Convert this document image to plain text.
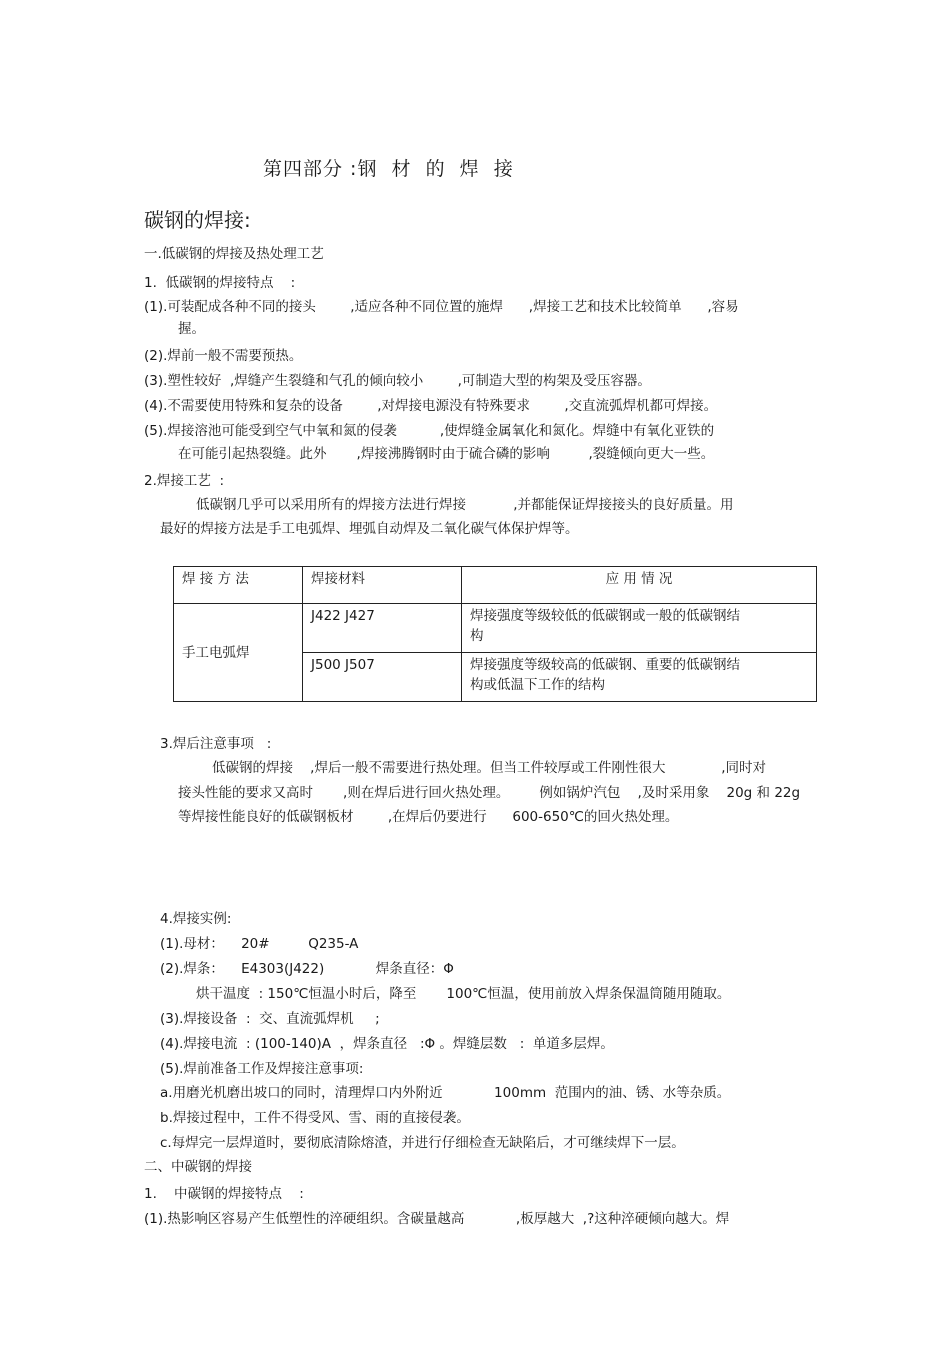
第四部分 :钢  材  的  焊  接
碳钢的焊接:
一.低碳钢的焊接及热处理工艺
1.  低碳钢的焊接特点    :
(1).可装配成各种不同的接头        ,适应各种不同位置的施焊      ,焊接工艺和技术比较简单      ,容易
握。
(2).焊前一般不需要预热。
(3).塑性较好  ,焊缝产生裂缝和气孔的倾向较小        ,可制造大型的构架及受压容器。
(4).不需要使用特殊和复杂的设备        ,对焊接电源没有特殊要求        ,交直流弧焊机都可焊接。
(5).焊接溶池可能受到空气中氧和氮的侵袭          ,使焊缝金属氧化和氮化。焊缝中有氧化亚铁的
在可能引起热裂缝。此外       ,焊接沸腾钢时由于硫合磷的影响         ,裂缝倾向更大一些。
2.焊接工艺  :
低碳钢几乎可以采用所有的焊接方法进行焊接           ,并都能保证焊接接头的良好质量。用
最好的焊接方法是手工电弧焊、埋弧自动焊及二氧化碳气体保护焊等。
焊 接 方 法	焊接材料	应 用 情 况
手工电弧焊	J422 J427	焊接强度等级较低的低碳钢或一般的低碳钢结
构

	J500 J507	焊接强度等级较高的低碳钢、重要的低碳钢结
构或低温下工作的结构
3.焊后注意事项   :
低碳钢的焊接    ,焊后一般不需要进行热处理。但当工件较厚或工件刚性很大             ,同时对
接头性能的要求又高时       ,则在焊后进行回火热处理。       例如锅炉汽包    ,及时采用象    20g 和 22g
等焊接性能良好的低碳钢板材        ,在焊后仍要进行      600-650℃的回火热处理。
4.焊接实例:
(1).母材：    20#         Q235-A
(2).焊条：    E4303(J422)            焊条直径：Φ
烘干温度  : 150℃恒温小时后，降至       100℃恒温，使用前放入焊条保温筒随用随取。
(3).焊接设备  :  交、直流弧焊机     ;
(4).焊接电流  : (100-140)A  ，焊条直径   :Φ 。焊缝层数   :  单道多层焊。
(5).焊前准备工作及焊接注意事项:
a.用磨光机磨出坡口的同时，清理焊口内外附近            100mm  范围内的油、锈、水等杂质。
b.焊接过程中，工件不得受风、雪、雨的直接侵袭。
c.每焊完一层焊道时，要彻底清除熔渣，并进行仔细检查无缺陷后，才可继续焊下一层。
二、中碳钢的焊接
1.    中碳钢的焊接特点    :
(1).热影响区容易产生低塑性的淬硬组织。含碳量越高            ,板厚越大  ,?这种淬硬倾向越大。焊
